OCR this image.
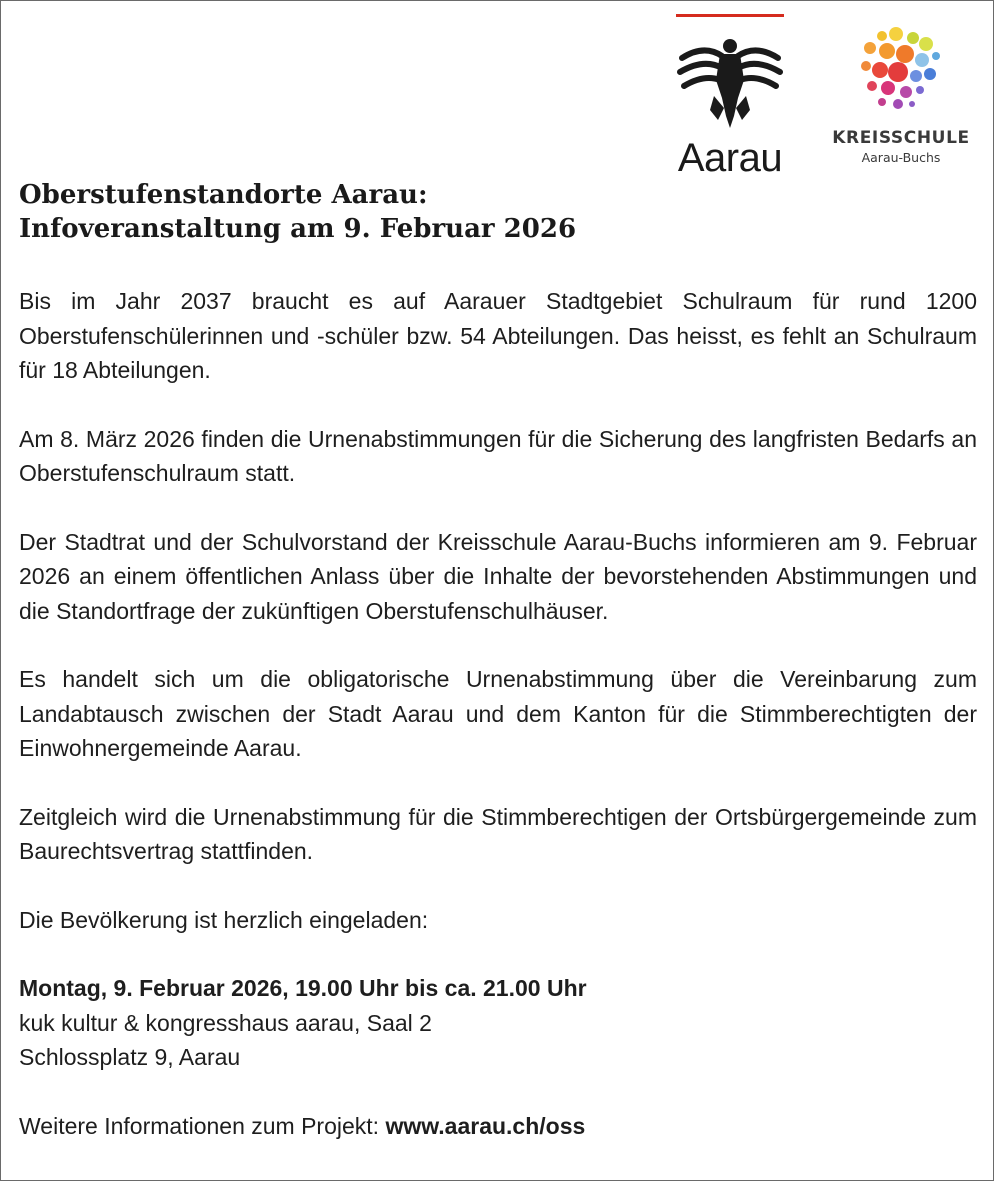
Aarau	KREISSCHULE
Aarau-Buchs
Oberstufenstandorte Aarau:
Infoveranstaltung am 9. Februar 2026

Bis im Jahr 2037 braucht es auf Aarauer Stadtgebiet Schulraum für rund 1200 Oberstufenschülerinnen und -schüler bzw. 54 Abteilungen. Das heisst, es fehlt an Schulraum für 18 Abteilungen.

Am 8. März 2026 finden die Urnenabstimmungen für die Sicherung des langfristen Bedarfs an Oberstufenschulraum statt.

Der Stadtrat und der Schulvorstand der Kreisschule Aarau-Buchs informieren am 9. Februar 2026 an einem öffentlichen Anlass über die Inhalte der bevorstehenden Abstimmungen und die Standortfrage der zukünftigen Oberstufenschulhäuser.

Es handelt sich um die obligatorische Urnenabstimmung über die Vereinbarung zum Landabtausch zwischen der Stadt Aarau und dem Kanton für die Stimmberechtigten der Einwohnergemeinde Aarau.

Zeitgleich wird die Urnenabstimmung für die Stimmberechtigen der Ortsbürgergemeinde zum Baurechtsvertrag stattfinden.

Die Bevölkerung ist herzlich eingeladen:

Montag, 9. Februar 2026, 19.00 Uhr bis ca. 21.00 Uhr
kuk kultur & kongresshaus aarau, Saal 2
Schlossplatz 9, Aarau

Weitere Informationen zum Projekt: www.aarau.ch/oss
